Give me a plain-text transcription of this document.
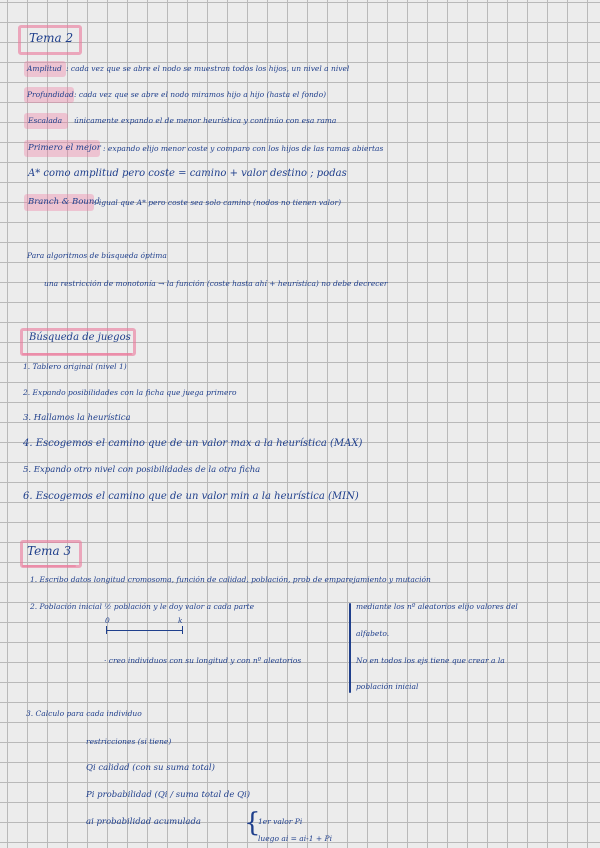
Tema 2
Amplitud : cada vez que se abre el nodo se muestran todos los hijos, un nivel a nivel
Profundidad : cada vez que se abre el nodo miramos hijo a hijo (hasta el fondo)
Escalada únicamente expando el de menor heurística y continúo con esa rama
Primero el mejor : expando elijo menor coste y comparo con los hijos de las ramas abiertas
A* como amplitud pero coste = camino + valor destino ; podas
Branch & Bound
: igual que A* pero coste sea solo camino (nodos no tienen valor)
Para algoritmos de búsqueda óptima
una restricción de monotonía → la función (coste hasta ahí + heurística) no debe decrecer
Búsqueda de juegos
1. Tablero original (nivel 1)
2. Expando posibilidades con la ficha que juega primero
3. Hallamos la heurística
4. Escogemos el camino que de un valor max a la heurística (MAX)
5. Expando otro nivel con posibilidades de la otra ficha
6. Escogemos el camino que de un valor min a la heurística (MIN)
Tema 3
1. Escribo datos longitud cromosoma, función de calidad, población, prob de emparejamiento y mutación
2. Población inicial ½ población y le doy valor a cada parte
0	k
· creo individuos con su longitud y con nº aleatorios
mediante los nº aleatorios elijo valores del
alfabeto.
No en todos los ejs tiene que crear a la
población inicial
3. Calculo para cada individuo
restricciones (si tiene)
Qi calidad (con su suma total)
Pi probabilidad (Qi / suma total de Qi)
ai probabilidad acumulada {
1er valor Pi
luego ai = ai-1 + Pi
